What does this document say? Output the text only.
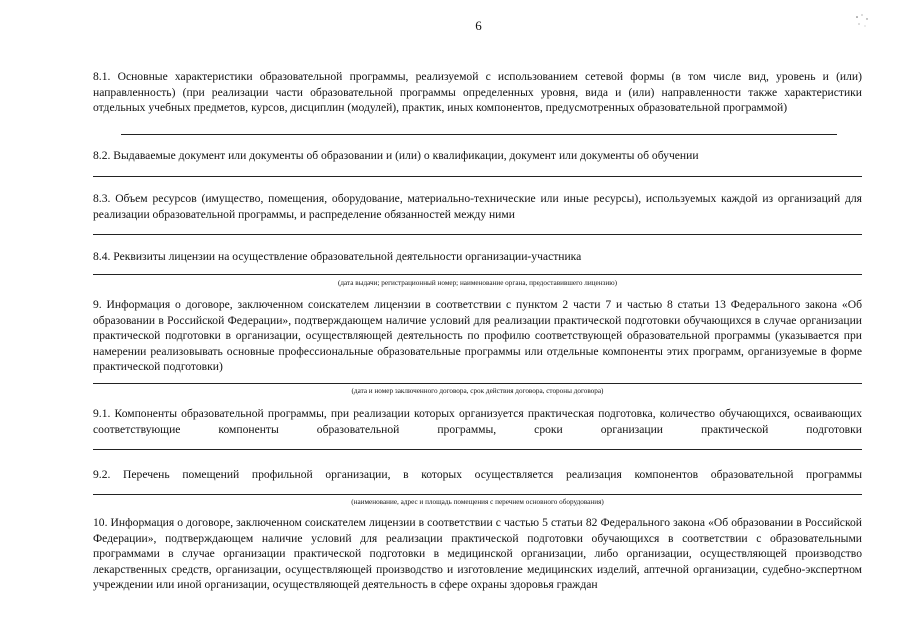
6
8.1. Основные характеристики образовательной программы, реализуемой с использованием сетевой формы (в том числе вид, уровень и (или) направленность) (при реализации части образовательной программы определенных уровня, вида и (или) направленности также характеристики отдельных учебных предметов, курсов, дисциплин (модулей), практик, иных компонентов, предусмотренных образовательной программой)
8.2. Выдаваемые документ или документы об образовании и (или) о квалификации, документ или документы об обучении
8.3. Объем ресурсов (имущество, помещения, оборудование, материально-технические или иные ресурсы), используемых каждой из организаций для реализации образовательной программы, и распределение обязанностей между ними
8.4. Реквизиты лицензии на осуществление образовательной деятельности организации-участника
(дата выдачи; регистрационный номер; наименование органа, предоставившего лицензию)
9. Информация о договоре, заключенном соискателем лицензии в соответствии с пунктом 2 части 7 и частью 8 статьи 13 Федерального закона «Об образовании в Российской Федерации», подтверждающем наличие условий для реализации практической подготовки обучающихся в случае организации практической подготовки в организации, осуществляющей деятельность по профилю соответствующей образовательной программы (указывается при намерении реализовывать основные профессиональные образовательные программы или отдельные компоненты этих программ, организуемые в форме практической подготовки)
(дата и номер заключенного договора, срок действия договора, стороны договора)
9.1. Компоненты образовательной программы, при реализации которых организуется практическая подготовка, количество обучающихся, осваивающих соответствующие компоненты образовательной программы, сроки организации практической подготовки
9.2. Перечень помещений профильной организации, в которых осуществляется реализация компонентов образовательной программы
(наименование, адрес и площадь помещения с перечнем основного оборудования)
10. Информация о договоре, заключенном соискателем лицензии в соответствии с частью 5 статьи 82 Федерального закона «Об образовании в Российской Федерации», подтверждающем наличие условий для реализации практической подготовки обучающихся в соответствии с образовательными программами в случае организации практической подготовки в медицинской организации, либо организации, осуществляющей производство лекарственных средств, организации, осуществляющей производство и изготовление медицинских изделий, аптечной организации, судебно-экспертном учреждении или иной организации, осуществляющей деятельность в сфере охраны здоровья граждан
